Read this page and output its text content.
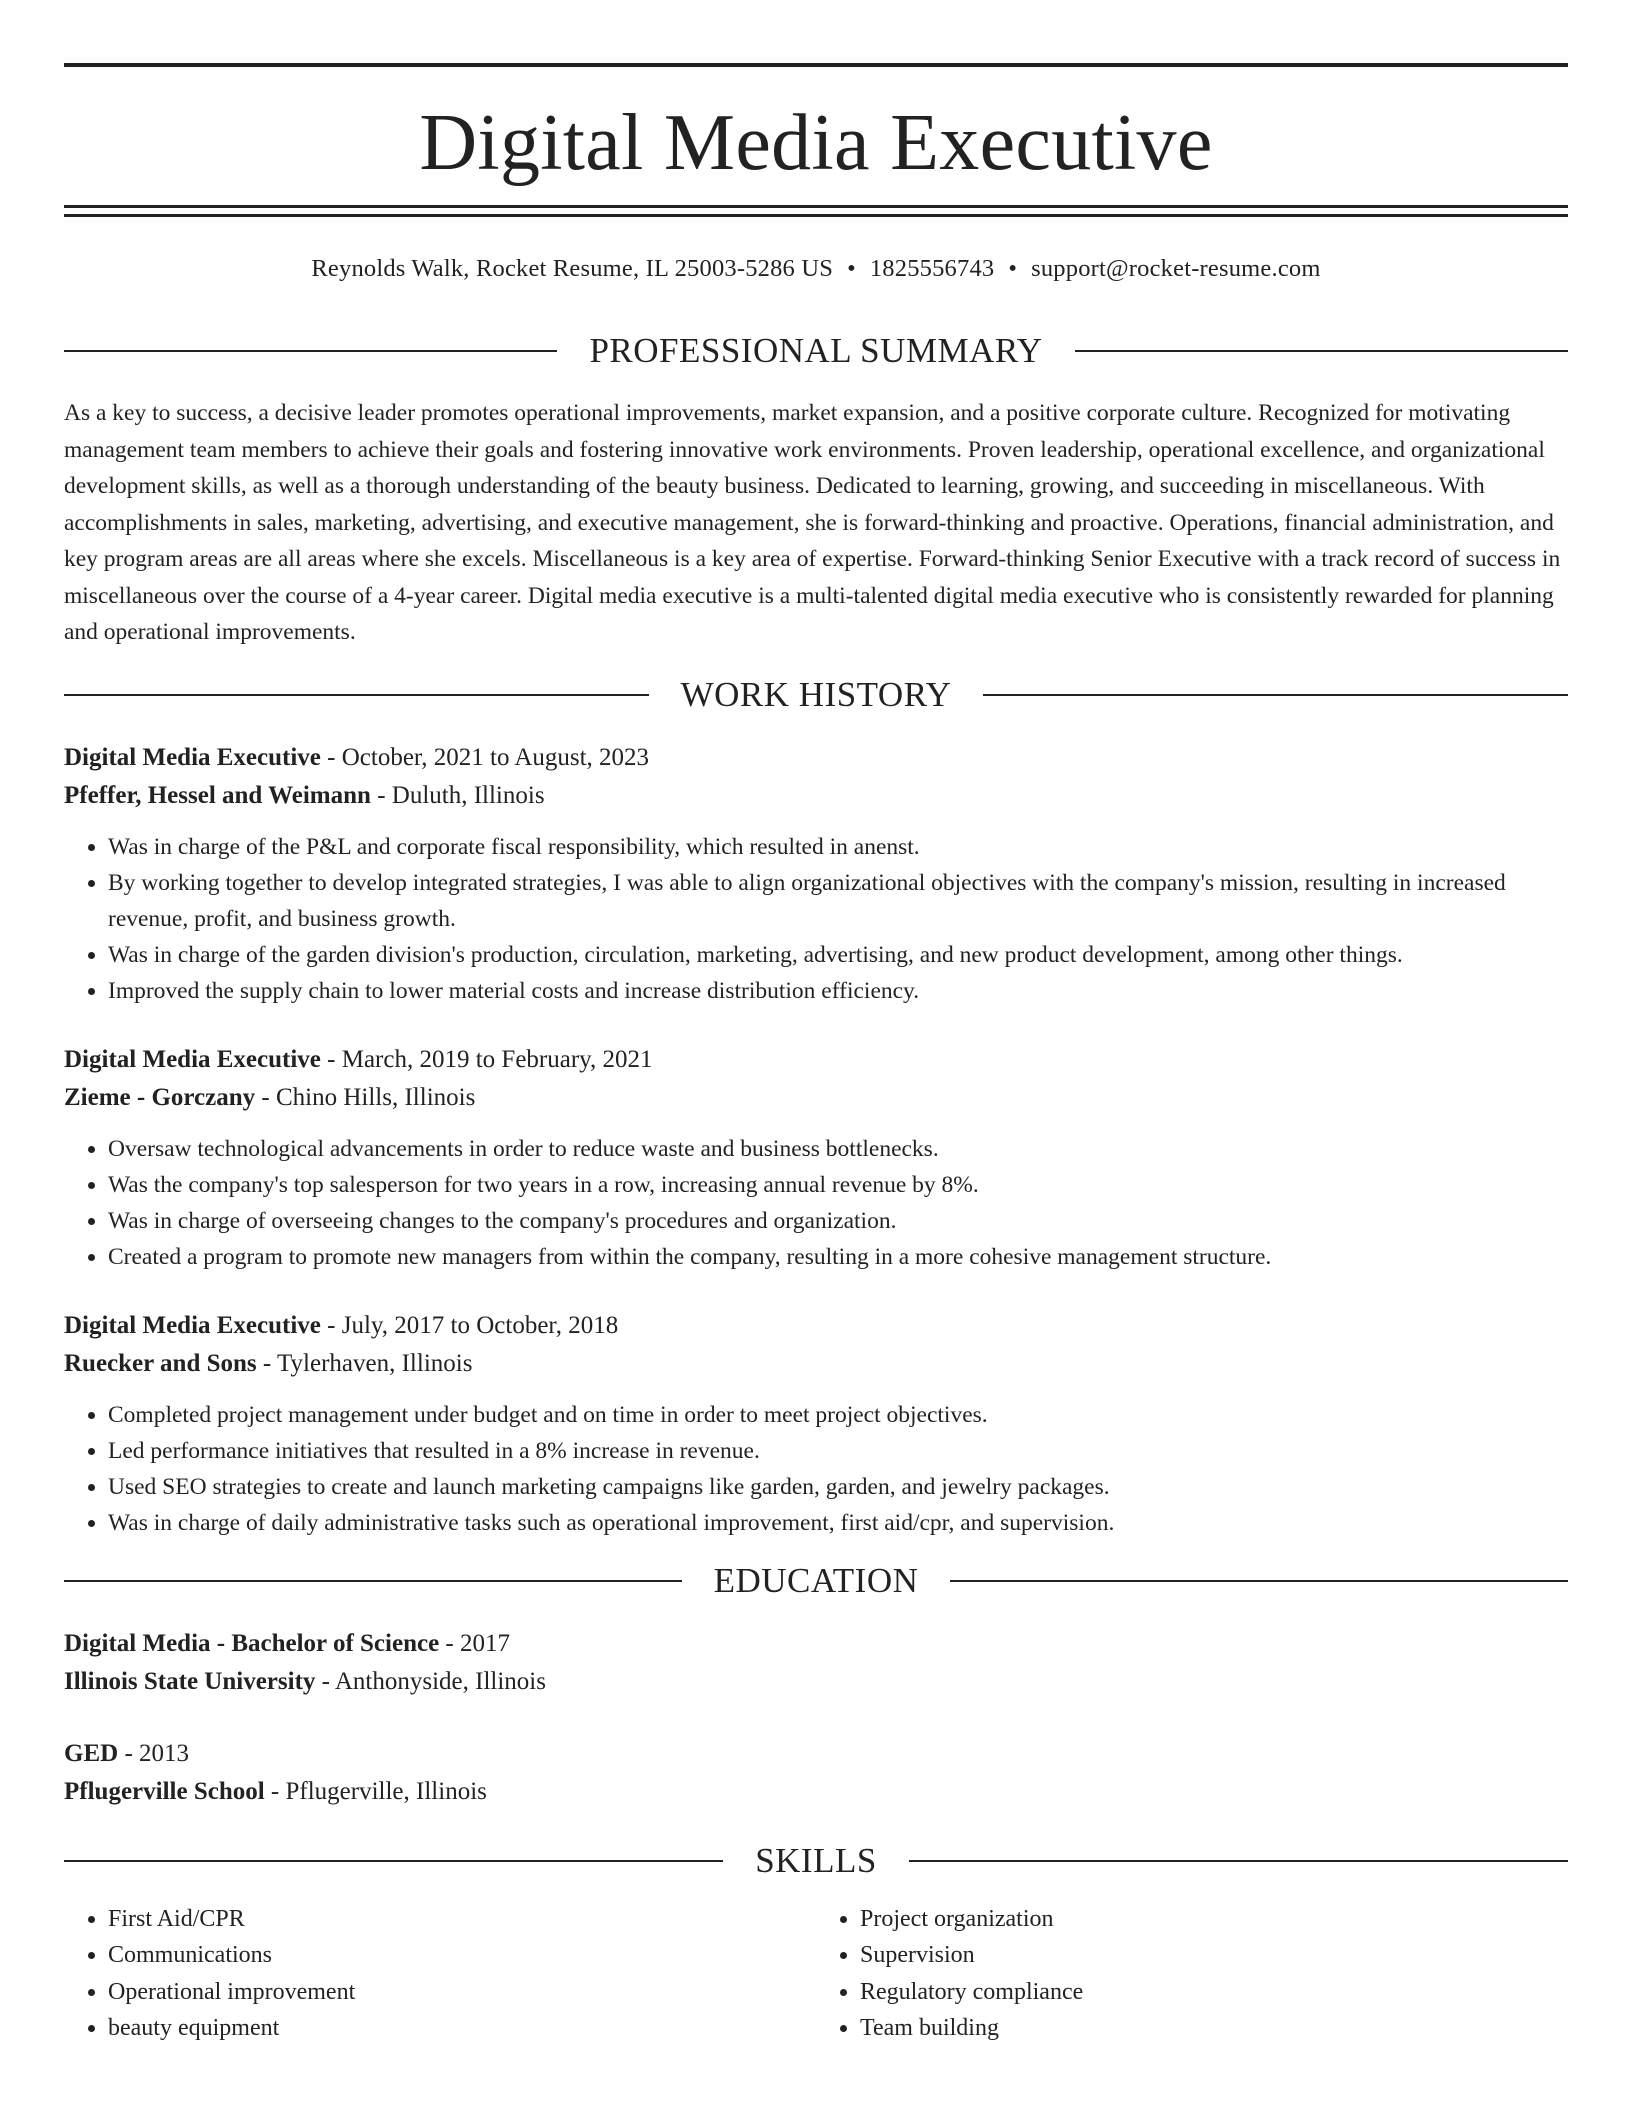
Digital Media Executive
Reynolds Walk, Rocket Resume, IL 25003-5286 US • 1825556743 • support@rocket-resume.com
PROFESSIONAL SUMMARY
As a key to success, a decisive leader promotes operational improvements, market expansion, and a positive corporate culture. Recognized for motivating management team members to achieve their goals and fostering innovative work environments. Proven leadership, operational excellence, and organizational development skills, as well as a thorough understanding of the beauty business. Dedicated to learning, growing, and succeeding in miscellaneous. With accomplishments in sales, marketing, advertising, and executive management, she is forward-thinking and proactive. Operations, financial administration, and key program areas are all areas where she excels. Miscellaneous is a key area of expertise. Forward-thinking Senior Executive with a track record of success in miscellaneous over the course of a 4-year career. Digital media executive is a multi-talented digital media executive who is consistently rewarded for planning and operational improvements.
WORK HISTORY
Digital Media Executive - October, 2021 to August, 2023
Pfeffer, Hessel and Weimann - Duluth, Illinois
• Was in charge of the P&L and corporate fiscal responsibility, which resulted in anenst.
• By working together to develop integrated strategies, I was able to align organizational objectives with the company's mission, resulting in increased revenue, profit, and business growth.
• Was in charge of the garden division's production, circulation, marketing, advertising, and new product development, among other things.
• Improved the supply chain to lower material costs and increase distribution efficiency.
Digital Media Executive - March, 2019 to February, 2021
Zieme - Gorczany - Chino Hills, Illinois
• Oversaw technological advancements in order to reduce waste and business bottlenecks.
• Was the company's top salesperson for two years in a row, increasing annual revenue by 8%.
• Was in charge of overseeing changes to the company's procedures and organization.
• Created a program to promote new managers from within the company, resulting in a more cohesive management structure.
Digital Media Executive - July, 2017 to October, 2018
Ruecker and Sons - Tylerhaven, Illinois
• Completed project management under budget and on time in order to meet project objectives.
• Led performance initiatives that resulted in a 8% increase in revenue.
• Used SEO strategies to create and launch marketing campaigns like garden, garden, and jewelry packages.
• Was in charge of daily administrative tasks such as operational improvement, first aid/cpr, and supervision.
EDUCATION
Digital Media - Bachelor of Science - 2017
Illinois State University - Anthonyside, Illinois
GED - 2013
Pflugerville School - Pflugerville, Illinois
SKILLS
• First Aid/CPR
• Communications
• Operational improvement
• beauty equipment
• Project organization
• Supervision
• Regulatory compliance
• Team building
